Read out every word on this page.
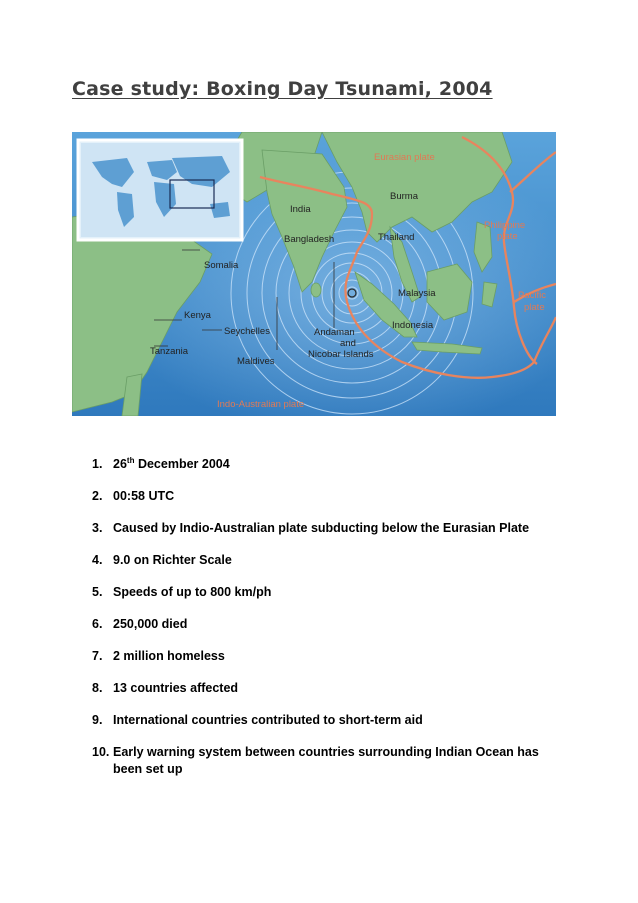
Case study: Boxing Day Tsunami, 2004
Eurasian plate
Burma
India
Bangladesh	Thailand
Philippine
plate
Somalia
Malaysia	Pacific
plate
Kenya
Seychelles
Indonesia
Tanzania
Maldives
Andaman
and
Nicobar Islands
Indo-Australian plate
1. 26th December 2004
2. 00:58 UTC
3. Caused by Indio-Australian plate subducting below the Eurasian Plate
4. 9.0 on Richter Scale
5. Speeds of up to 800 km/ph
6. 250,000 died
7. 2 million homeless
8. 13 countries affected
9. International countries contributed to short-term aid
10. Early warning system between countries surrounding Indian Ocean has been set up
